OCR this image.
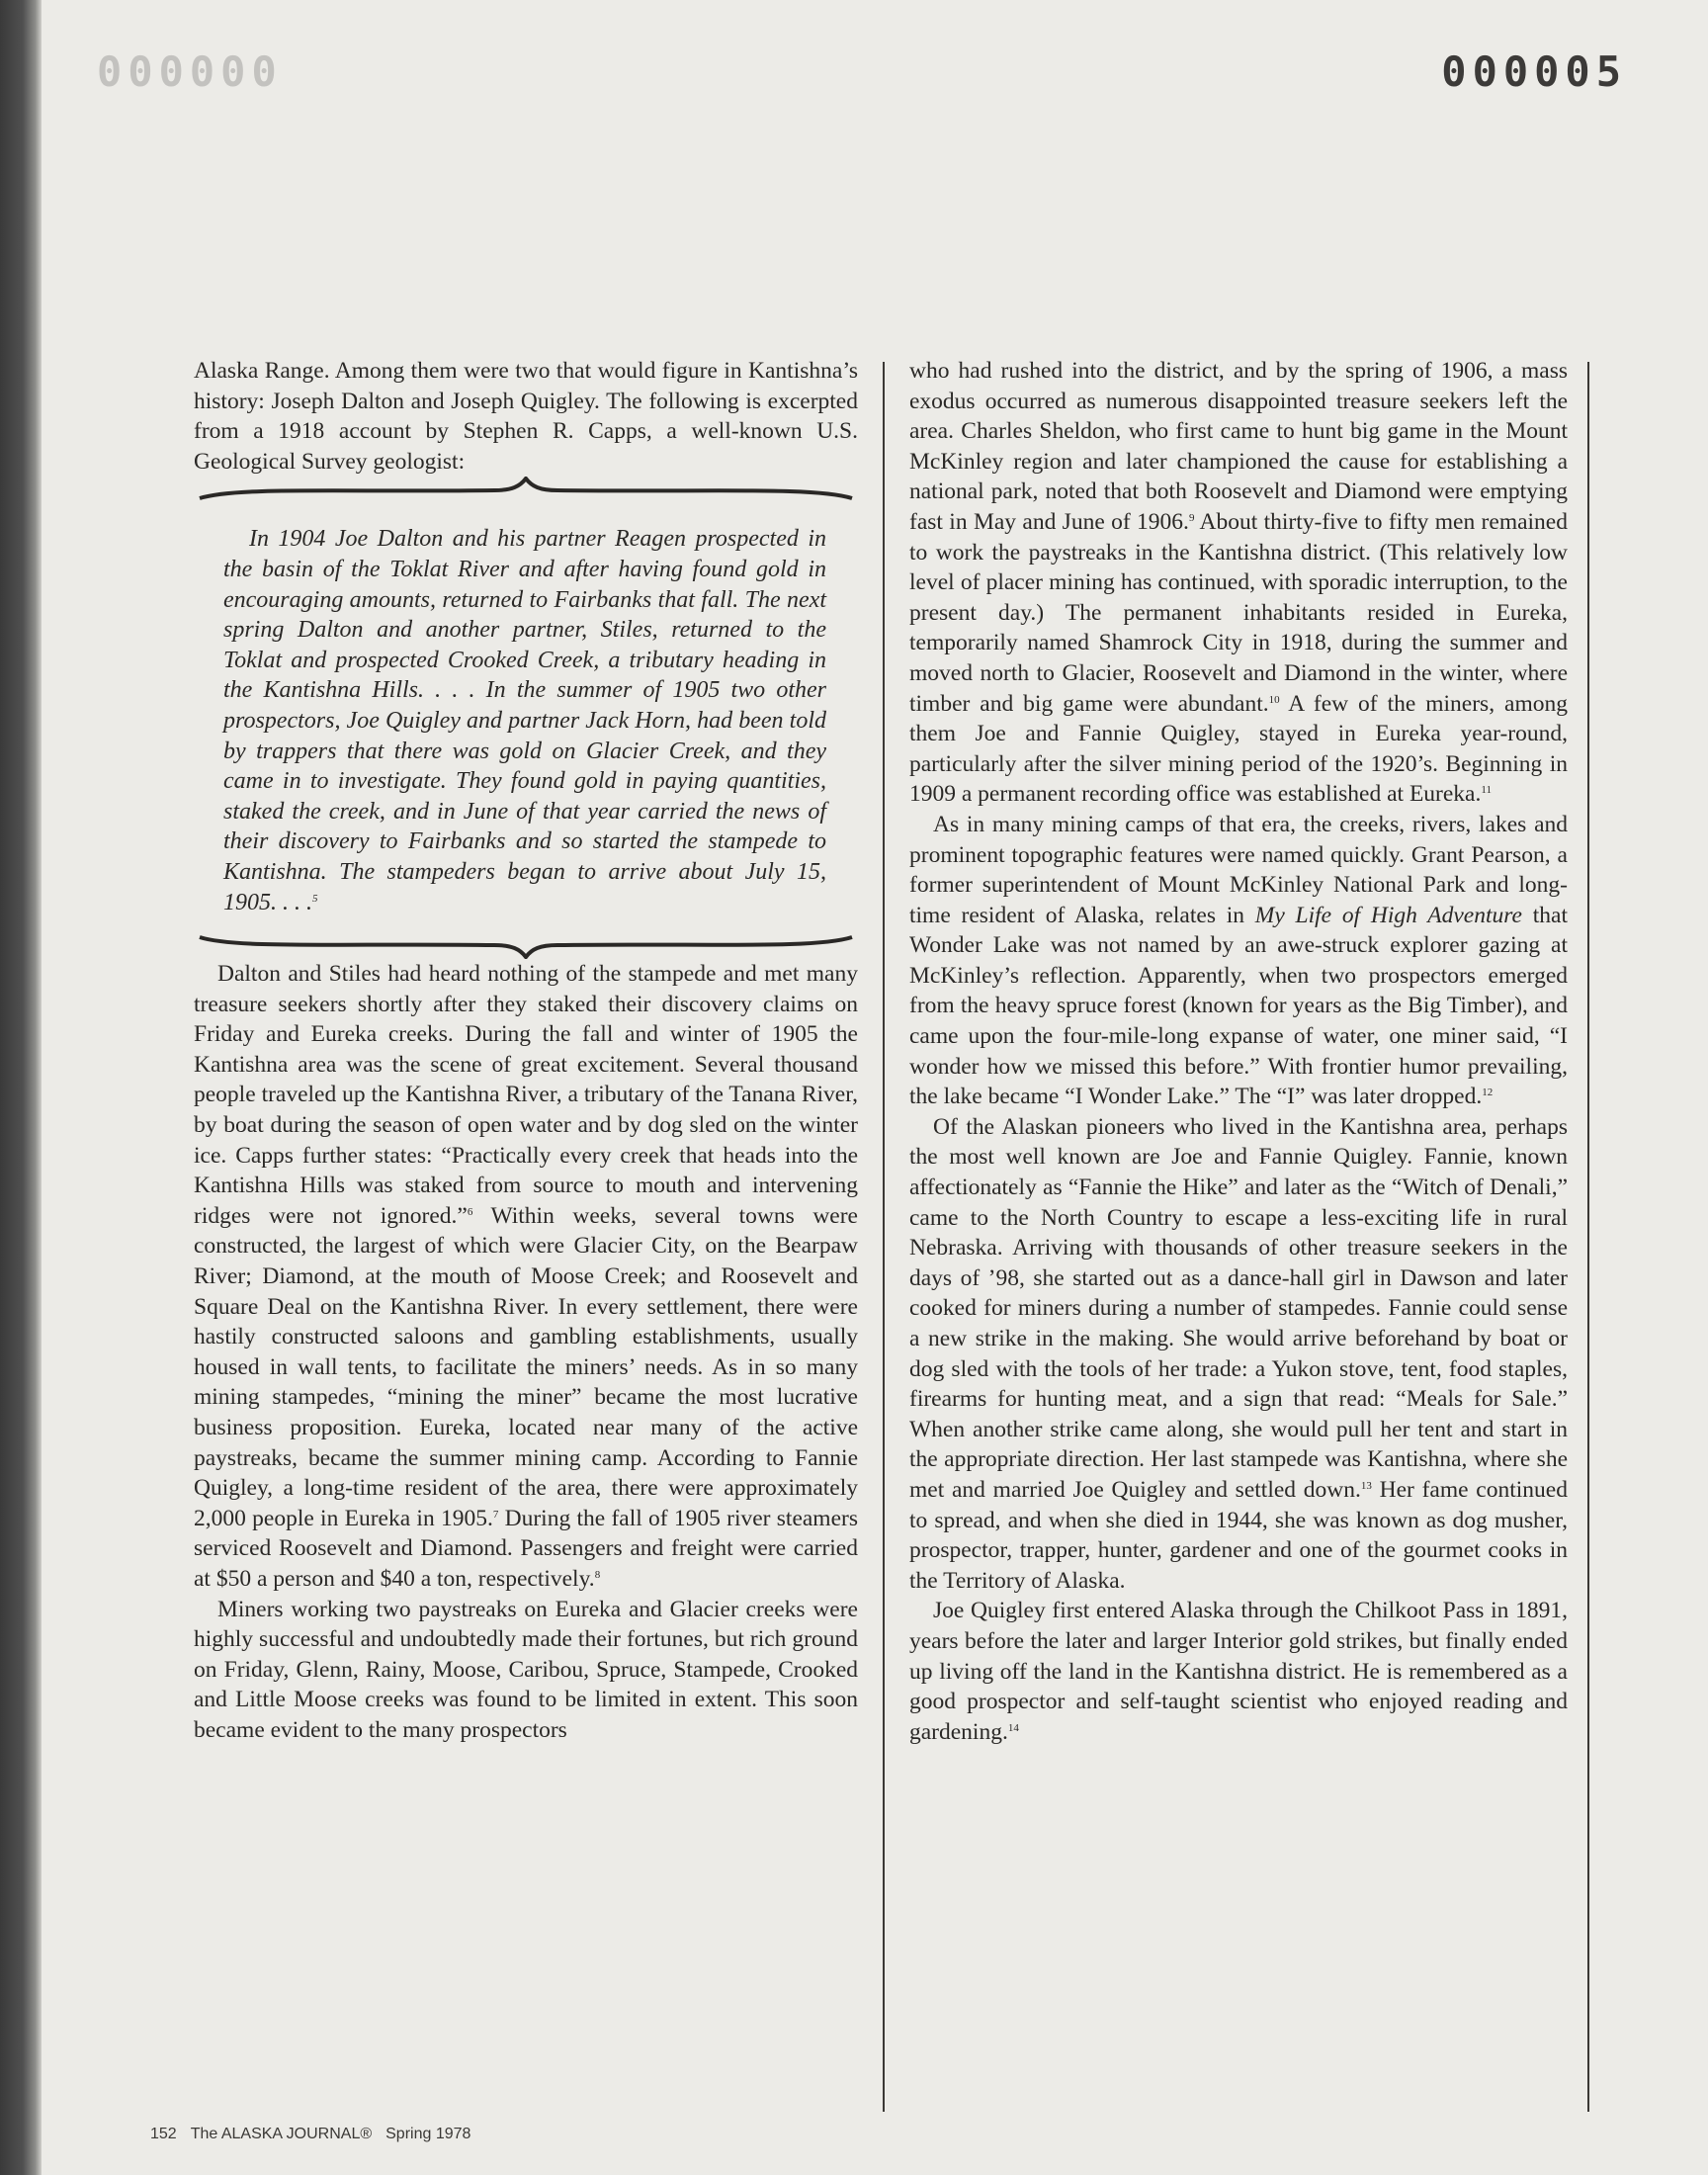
000000	000005

Alaska Range. Among them were two that would figure in Kantishna’s history: Joseph Dalton and Joseph Quigley. The following is excerpted from a 1918 account by Stephen R. Capps, a well-known U.S. Geological Survey geologist:

In 1904 Joe Dalton and his partner Reagen prospected in the basin of the Toklat River and after having found gold in encouraging amounts, returned to Fairbanks that fall. The next spring Dalton and another partner, Stiles, returned to the Toklat and prospected Crooked Creek, a tributary heading in the Kantishna Hills. . . . In the summer of 1905 two other prospectors, Joe Quigley and partner Jack Horn, had been told by trappers that there was gold on Glacier Creek, and they came in to investigate. They found gold in paying quantities, staked the creek, and in June of that year carried the news of their discovery to Fairbanks and so started the stampede to Kantishna. The stampeders began to arrive about July 15, 1905. . . .$^5$

Dalton and Stiles had heard nothing of the stampede and met many treasure seekers shortly after they staked their discovery claims on Friday and Eureka creeks. During the fall and winter of 1905 the Kantishna area was the scene of great excitement. Several thousand people traveled up the Kantishna River, a tributary of the Tanana River, by boat during the season of open water and by dog sled on the winter ice. Capps further states: “Practically every creek that heads into the Kantishna Hills was staked from source to mouth and intervening ridges were not ignored.”$^6$ Within weeks, several towns were constructed, the largest of which were Glacier City, on the Bearpaw River; Diamond, at the mouth of Moose Creek; and Roosevelt and Square Deal on the Kantishna River. In every settlement, there were hastily constructed saloons and gambling establishments, usually housed in wall tents, to facilitate the miners’ needs. As in so many mining stampedes, “mining the miner” became the most lucrative business proposition. Eureka, located near many of the active paystreaks, became the summer mining camp. According to Fannie Quigley, a long-time resident of the area, there were approximately 2,000 people in Eureka in 1905.$^7$ During the fall of 1905 river steamers serviced Roosevelt and Diamond. Passengers and freight were carried at $50 a person and $40 a ton, respectively.$^8$

Miners working two paystreaks on Eureka and Glacier creeks were highly successful and undoubtedly made their fortunes, but rich ground on Friday, Glenn, Rainy, Moose, Caribou, Spruce, Stampede, Crooked and Little Moose creeks was found to be limited in extent. This soon became evident to the many prospectors

who had rushed into the district, and by the spring of 1906, a mass exodus occurred as numerous disappointed treasure seekers left the area. Charles Sheldon, who first came to hunt big game in the Mount McKinley region and later championed the cause for establishing a national park, noted that both Roosevelt and Diamond were emptying fast in May and June of 1906.$^9$ About thirty-five to fifty men remained to work the paystreaks in the Kantishna district. (This relatively low level of placer mining has continued, with sporadic interruption, to the present day.) The permanent inhabitants resided in Eureka, temporarily named Shamrock City in 1918, during the summer and moved north to Glacier, Roosevelt and Diamond in the winter, where timber and big game were abundant.$^{10}$ A few of the miners, among them Joe and Fannie Quigley, stayed in Eureka year-round, particularly after the silver mining period of the 1920’s. Beginning in 1909 a permanent recording office was established at Eureka.$^{11}$

As in many mining camps of that era, the creeks, rivers, lakes and prominent topographic features were named quickly. Grant Pearson, a former superintendent of Mount McKinley National Park and long-time resident of Alaska, relates in My Life of High Adventure that Wonder Lake was not named by an awe-struck explorer gazing at McKinley’s reflection. Apparently, when two prospectors emerged from the heavy spruce forest (known for years as the Big Timber), and came upon the four-mile-long expanse of water, one miner said, “I wonder how we missed this before.” With frontier humor prevailing, the lake became “I Wonder Lake.” The “I” was later dropped.$^{12}$

Of the Alaskan pioneers who lived in the Kantishna area, perhaps the most well known are Joe and Fannie Quigley. Fannie, known affectionately as “Fannie the Hike” and later as the “Witch of Denali,” came to the North Country to escape a less-exciting life in rural Nebraska. Arriving with thousands of other treasure seekers in the days of ’98, she started out as a dance-hall girl in Dawson and later cooked for miners during a number of stampedes. Fannie could sense a new strike in the making. She would arrive beforehand by boat or dog sled with the tools of her trade: a Yukon stove, tent, food staples, firearms for hunting meat, and a sign that read: “Meals for Sale.” When another strike came along, she would pull her tent and start in the appropriate direction. Her last stampede was Kantishna, where she met and married Joe Quigley and settled down.$^{13}$ Her fame continued to spread, and when she died in 1944, she was known as dog musher, prospector, trapper, hunter, gardener and one of the gourmet cooks in the Territory of Alaska.

Joe Quigley first entered Alaska through the Chilkoot Pass in 1891, years before the later and larger Interior gold strikes, but finally ended up living off the land in the Kantishna district. He is remembered as a good prospector and self-taught scientist who enjoyed reading and gardening.$^{14}$

152 The ALASKA JOURNAL® Spring 1978
